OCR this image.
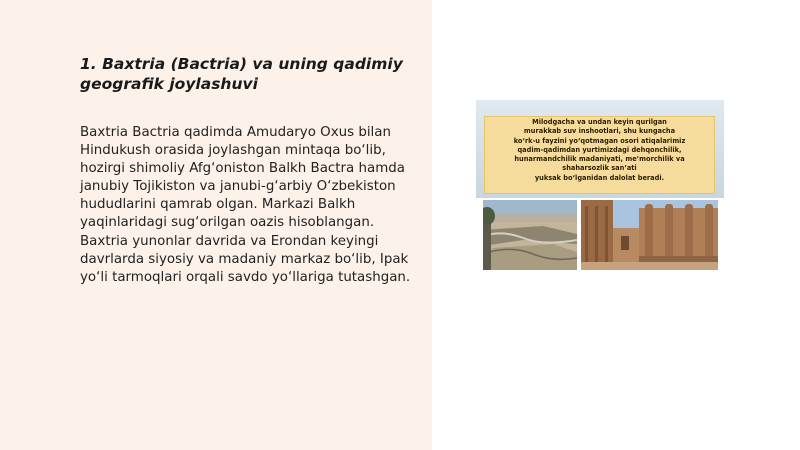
1. Baxtria (Bactria) va uning qadimiy geografik joylashuvi

Baxtria Bactria qadimda Amudaryo Oxus bilan Hindukush orasida joylashgan mintaqa bo‘lib, hozirgi shimoliy Afg‘oniston Balkh Bactra hamda janubiy Tojikiston va janubi-g‘arbiy O‘zbekiston hududlarini qamrab olgan. Markazi Balkh yaqinlaridagi sug‘orilgan oazis hisoblangan. Baxtria yunonlar davrida va Erondan keyingi davrlarda siyosiy va madaniy markaz bo‘lib, Ipak yo‘li tarmoqlari orqali savdo yo‘llariga tutashgan.

Milodgacha va undan keyin qurilgan
murakkab suv inshootlari, shu kungacha
ko‘rk-u fayzini yo‘qotmagan osori atiqalarimiz
qadim-qadimdan yurtimizdagi dehqonchilik,
hunarmandchilik madaniyati, me’morchilik va
shaharsozlik san’ati
yuksak bo‘lganidan dalolat beradi.
